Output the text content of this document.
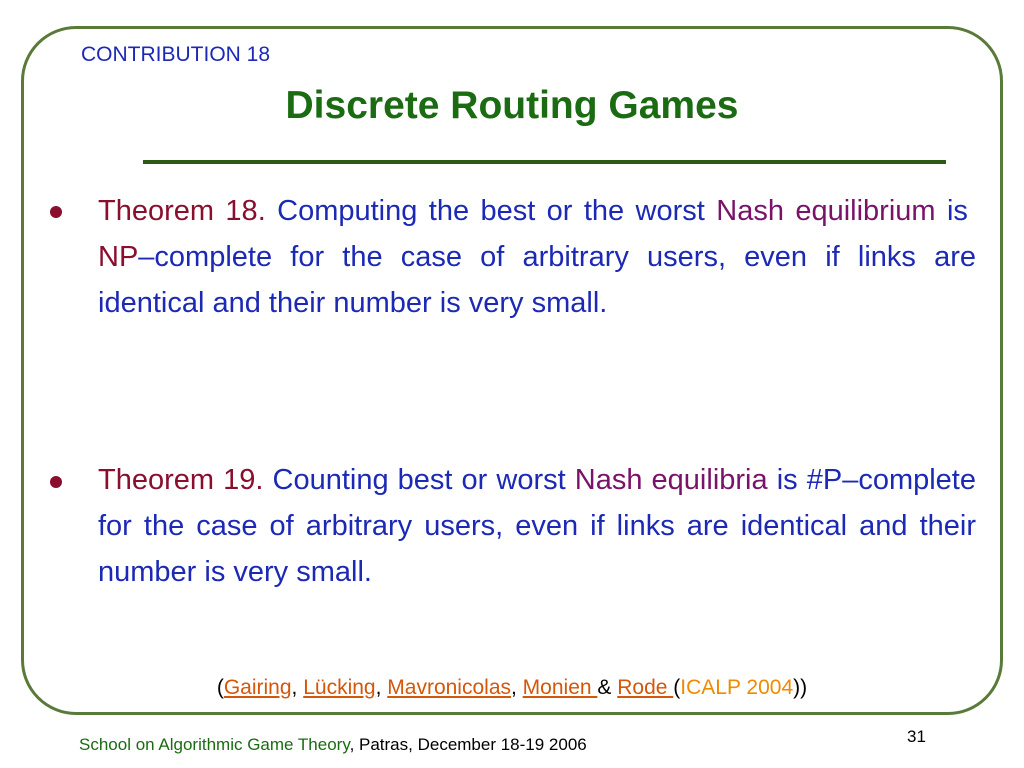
CONTRIBUTION 18
Discrete Routing Games
Theorem 18. Computing the best or the worst Nash equilibrium is  NP–complete for the case of arbitrary users, even if links are identical and their number is very small.
Theorem 19. Counting best or worst Nash equilibria is #P–complete for the case of arbitrary users, even if links are identical and their number is very small.
(Gairing, Lücking, Mavronicolas, Monien & Rode (ICALP 2004))
School on Algorithmic Game Theory, Patras, December 18-19 2006	31
